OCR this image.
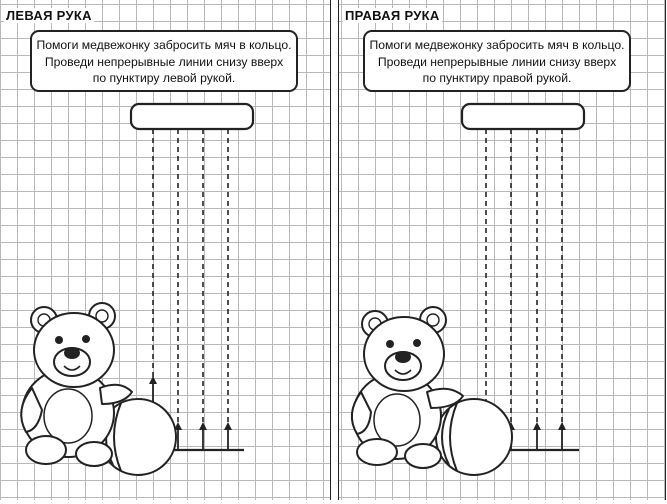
ЛЕВАЯ РУКА
Помоги медвежонку забросить мяч в кольцо.
Проведи непрерывные линии снизу вверх
по пунктиру левой рукой.
ПРАВАЯ РУКА
Помоги медвежонку забросить мяч в кольцо.
Проведи непрерывные линии снизу вверх
по пунктиру правой рукой.
